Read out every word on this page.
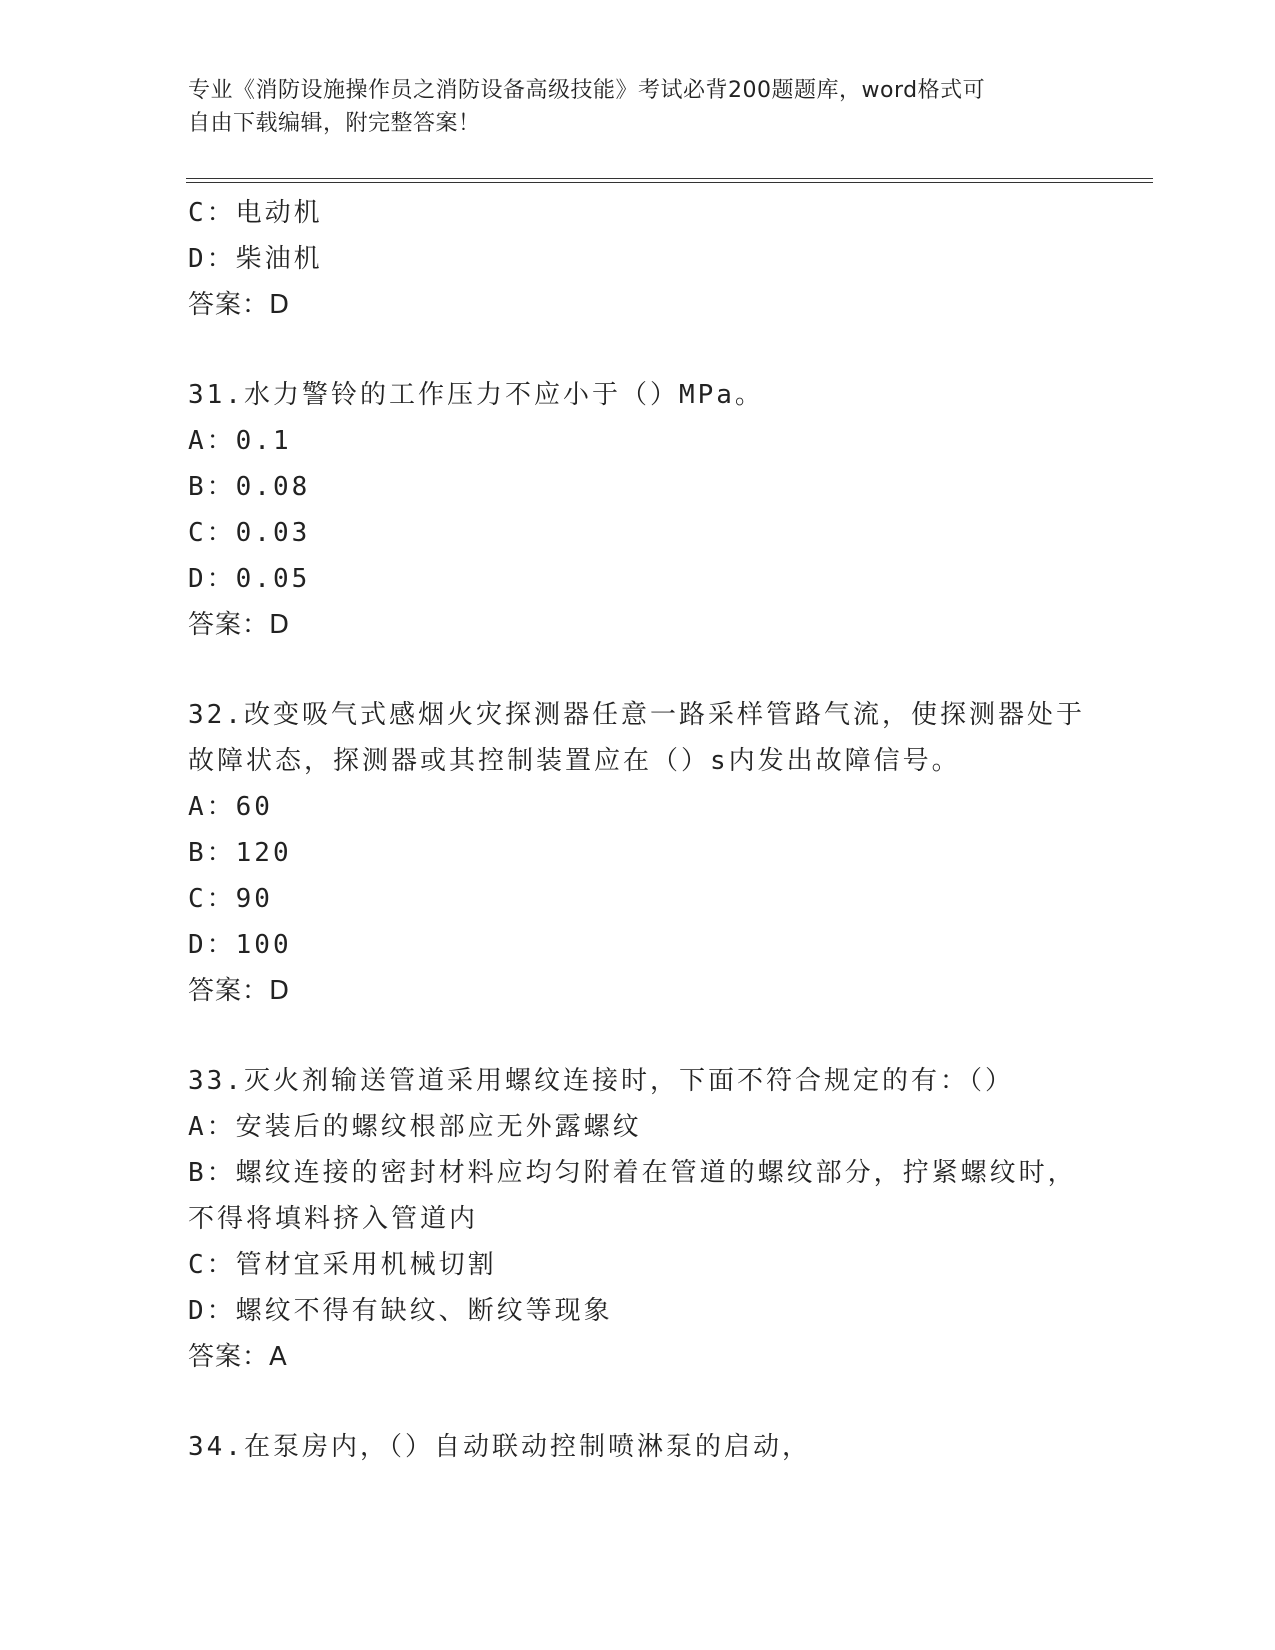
专业《消防设施操作员之消防设备高级技能》考试必背200题题库，word格式可
自由下载编辑，附完整答案！
C：电动机
D：柴油机
答案：D
31.水力警铃的工作压力不应小于（）MPa。
A：0.1
B：0.08
C：0.03
D：0.05
答案：D
32.改变吸气式感烟火灾探测器任意一路采样管路气流，使探测器处于
故障状态，探测器或其控制装置应在（）s内发出故障信号。
A：60
B：120
C：90
D：100
答案：D
33.灭火剂输送管道采用螺纹连接时，下面不符合规定的有：（）
A：安装后的螺纹根部应无外露螺纹
B：螺纹连接的密封材料应均匀附着在管道的螺纹部分，拧紧螺纹时，
不得将填料挤入管道内
C：管材宜采用机械切割
D：螺纹不得有缺纹、断纹等现象
答案：A
34.在泵房内，（）自动联动控制喷淋泵的启动，
